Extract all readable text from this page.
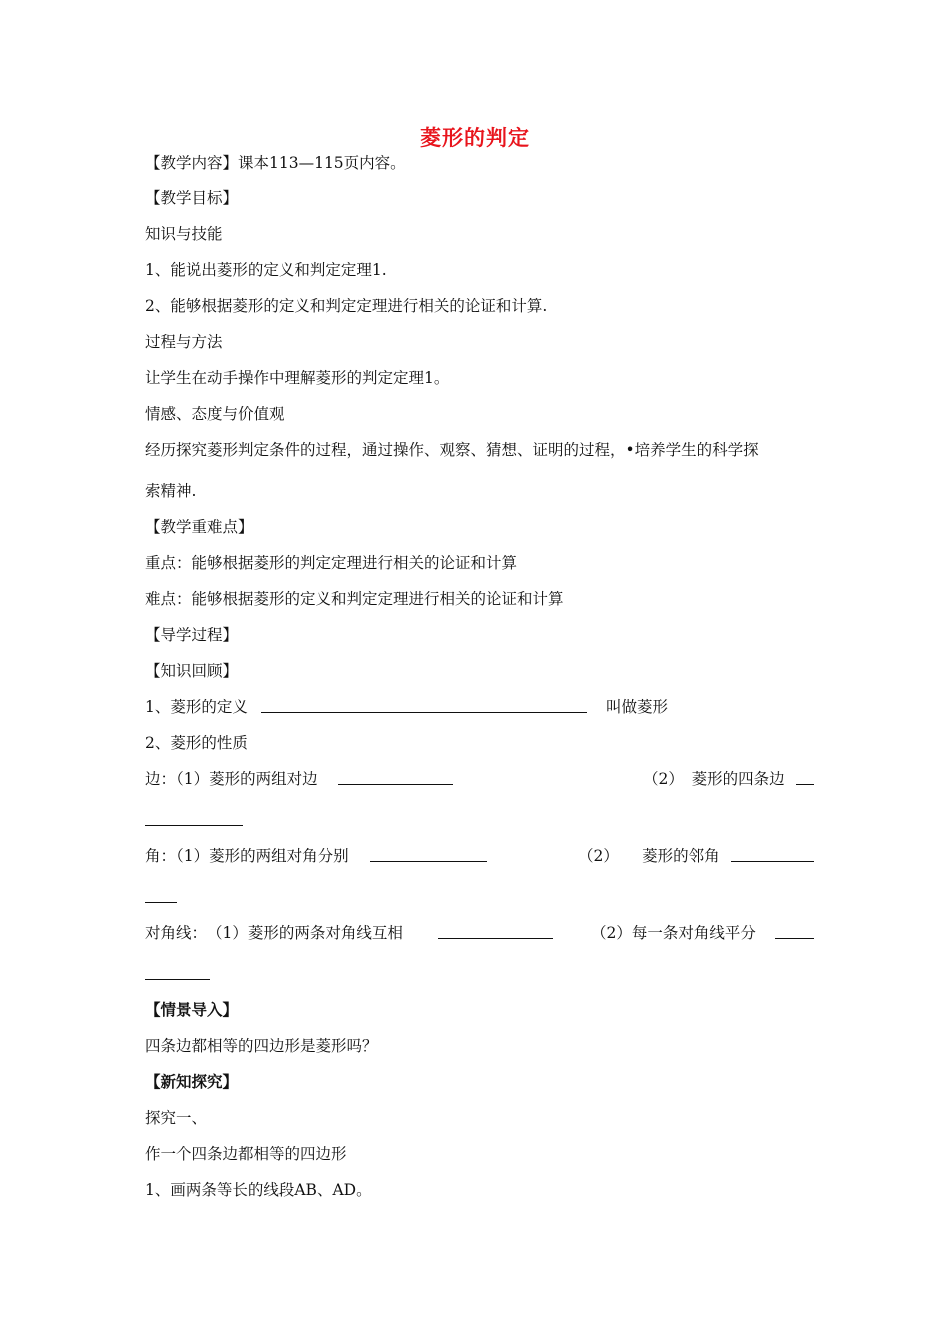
菱形的判定
【教学内容】课本113—115页内容。
【教学目标】
知识与技能
1、能说出菱形的定义和判定定理1.
2、能够根据菱形的定义和判定定理进行相关的论证和计算.
过程与方法
让学生在动手操作中理解菱形的判定定理1。
情感、态度与价值观
经历探究菱形判定条件的过程，通过操作、观察、猜想、证明的过程，•培养学生的科学探
索精神.
【教学重难点】
重点：能够根据菱形的判定定理进行相关的论证和计算
难点：能够根据菱形的定义和判定定理进行相关的论证和计算
【导学过程】
【知识回顾】
1、菱形的定义	叫做菱形
2、菱形的性质
边：（1）菱形的两组对边	（2）　菱形的四条边
角：（1）菱形的两组对角分别	（2）　　菱形的邻角
对角线：　（1）菱形的两条对角线互相	（2）每一条对角线平分
【情景导入】
四条边都相等的四边形是菱形吗？
【新知探究】
探究一、
作一个四条边都相等的四边形
1、画两条等长的线段AB、AD。
